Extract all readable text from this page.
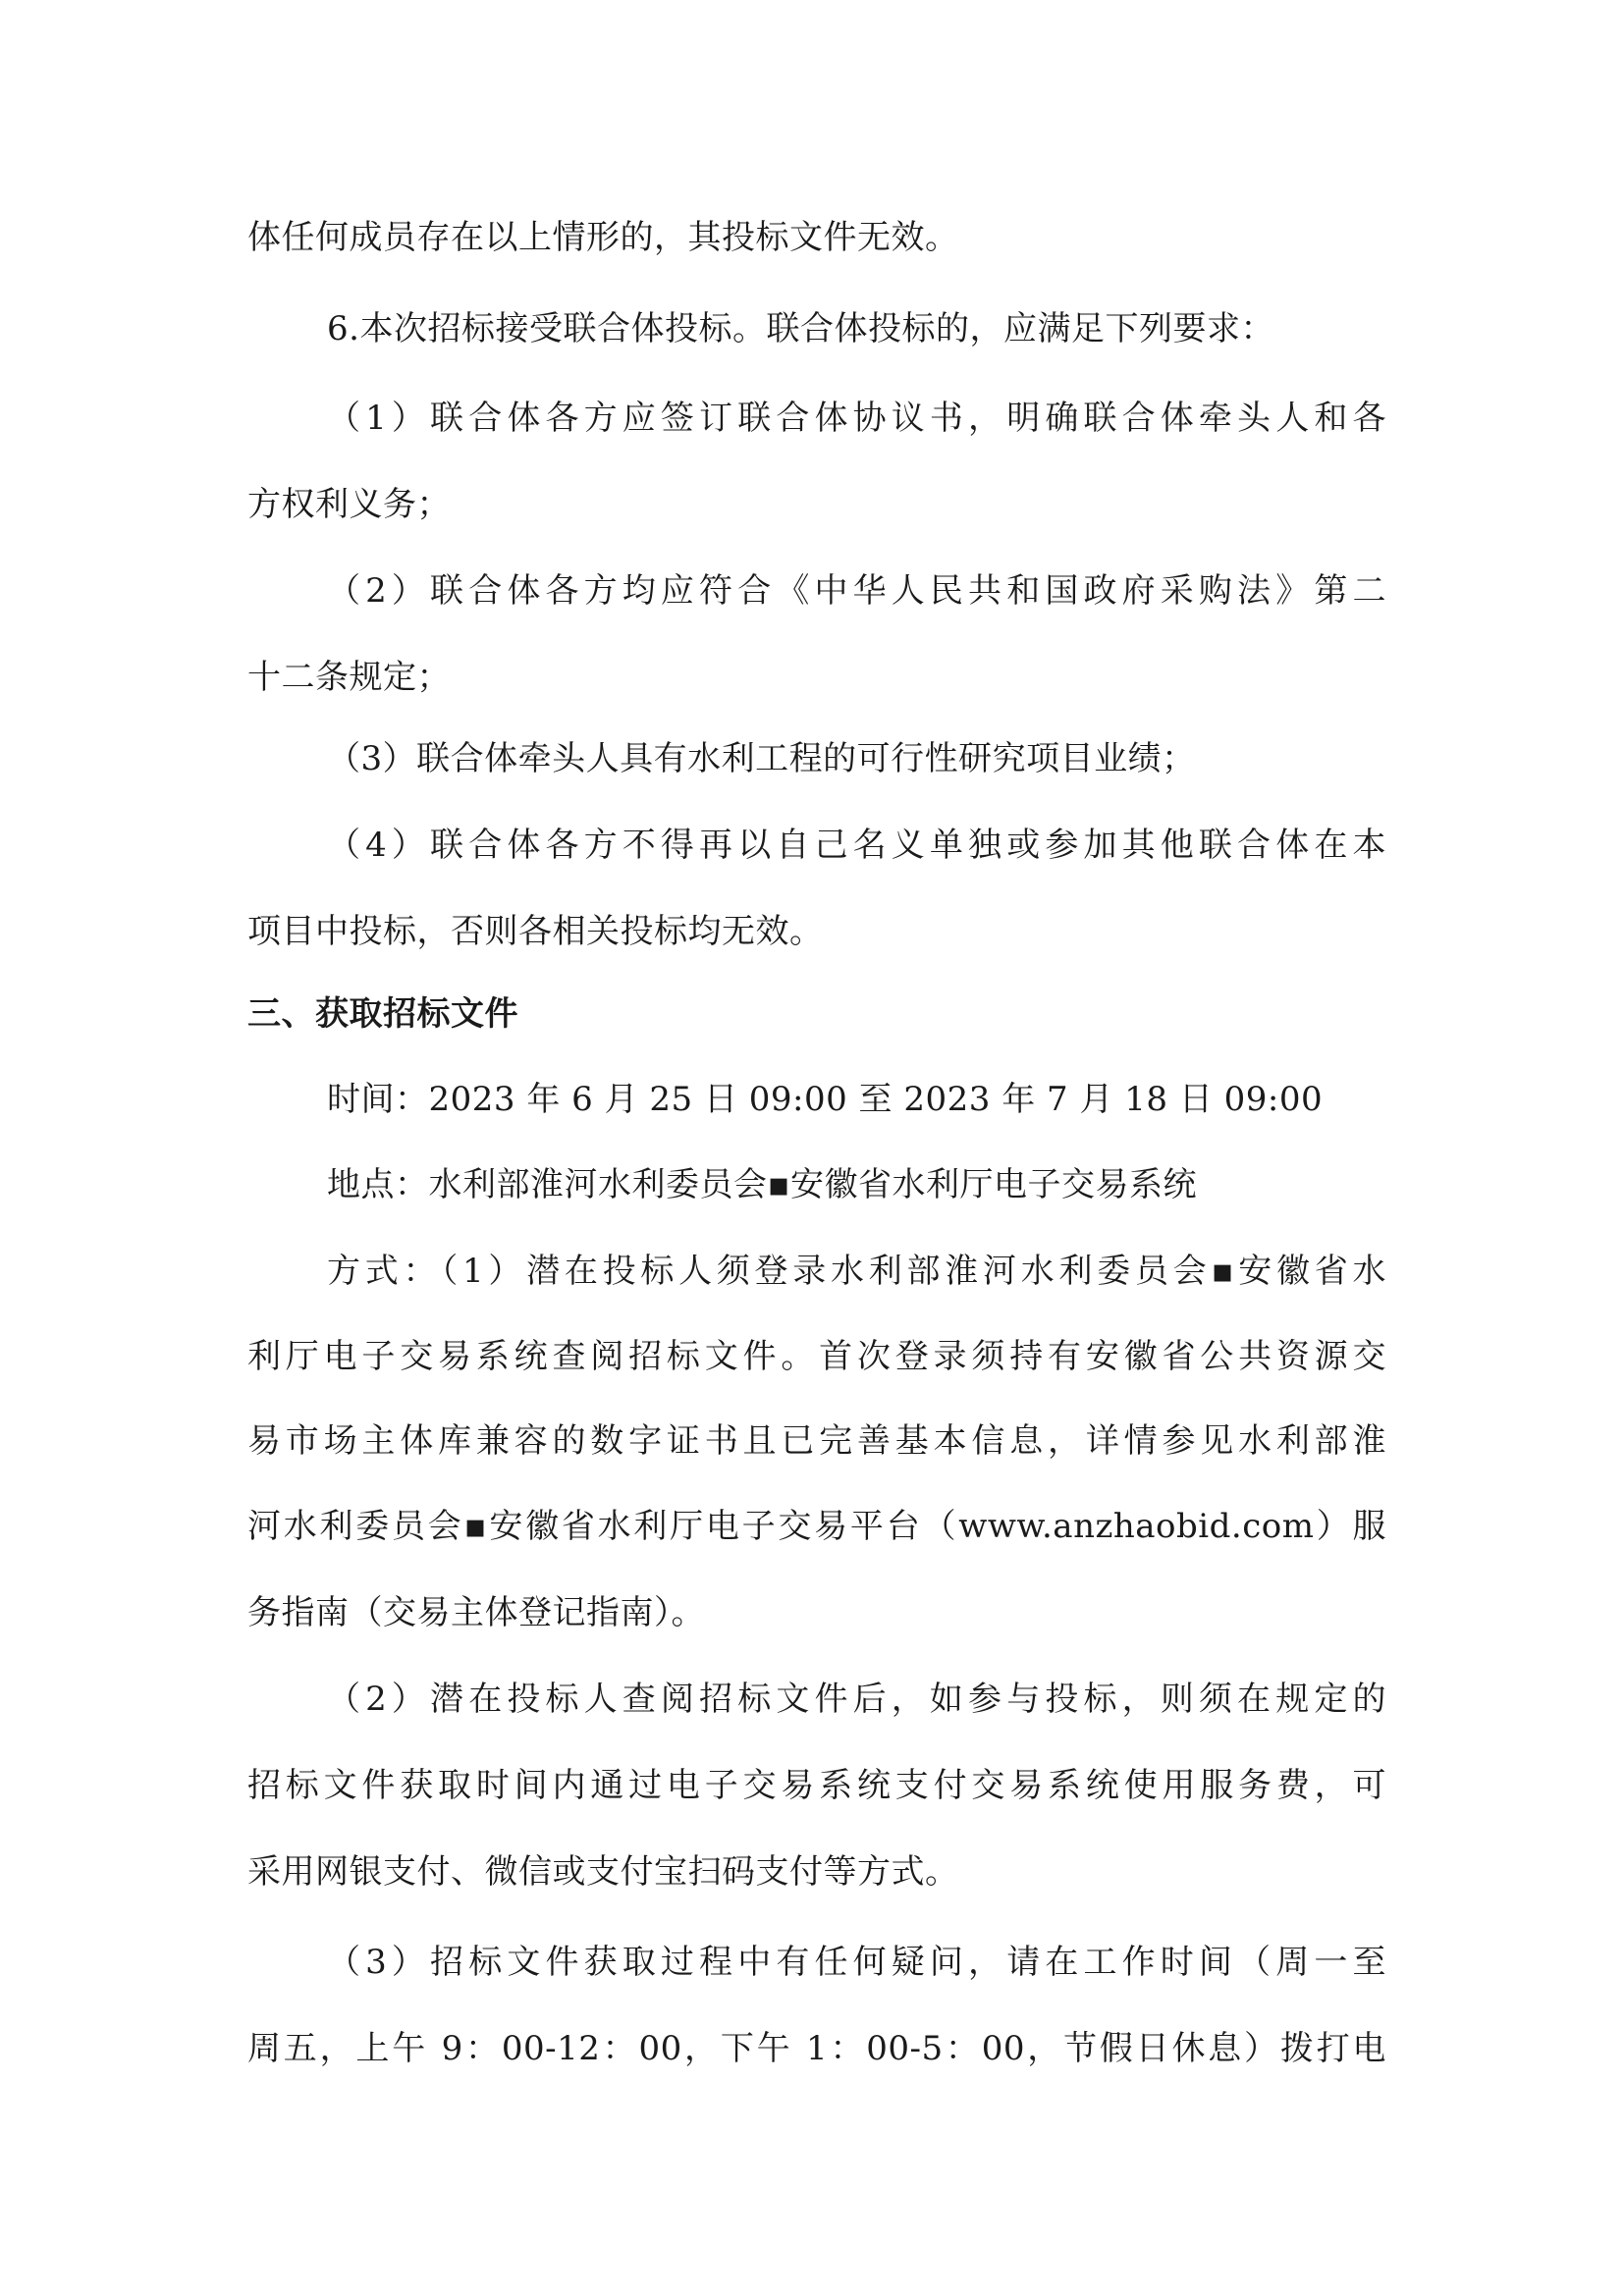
体任何成员存在以上情形的，其投标文件无效。
6.本次招标接受联合体投标。联合体投标的，应满足下列要求：
（1）联合体各方应签订联合体协议书，明确联合体牵头人和各
方权利义务；
（2）联合体各方均应符合《中华人民共和国政府采购法》第二
十二条规定；
（3）联合体牵头人具有水利工程的可行性研究项目业绩；
（4）联合体各方不得再以自己名义单独或参加其他联合体在本
项目中投标，否则各相关投标均无效。
三、获取招标文件
时间：2023 年 6 月 25 日 09:00 至 2023 年 7 月 18 日 09:00
地点：水利部淮河水利委员会▪安徽省水利厅电子交易系统
方式：（1）潜在投标人须登录水利部淮河水利委员会▪安徽省水
利厅电子交易系统查阅招标文件。首次登录须持有安徽省公共资源交
易市场主体库兼容的数字证书且已完善基本信息，详情参见水利部淮
河水利委员会▪安徽省水利厅电子交易平台（www.anzhaobid.com）服
务指南（交易主体登记指南）。
（2）潜在投标人查阅招标文件后，如参与投标，则须在规定的
招标文件获取时间内通过电子交易系统支付交易系统使用服务费，可
采用网银支付、微信或支付宝扫码支付等方式。
（3）招标文件获取过程中有任何疑问，请在工作时间（周一至
周五，上午 9：00-12：00，下午 1：00-5：00，节假日休息）拨打电
